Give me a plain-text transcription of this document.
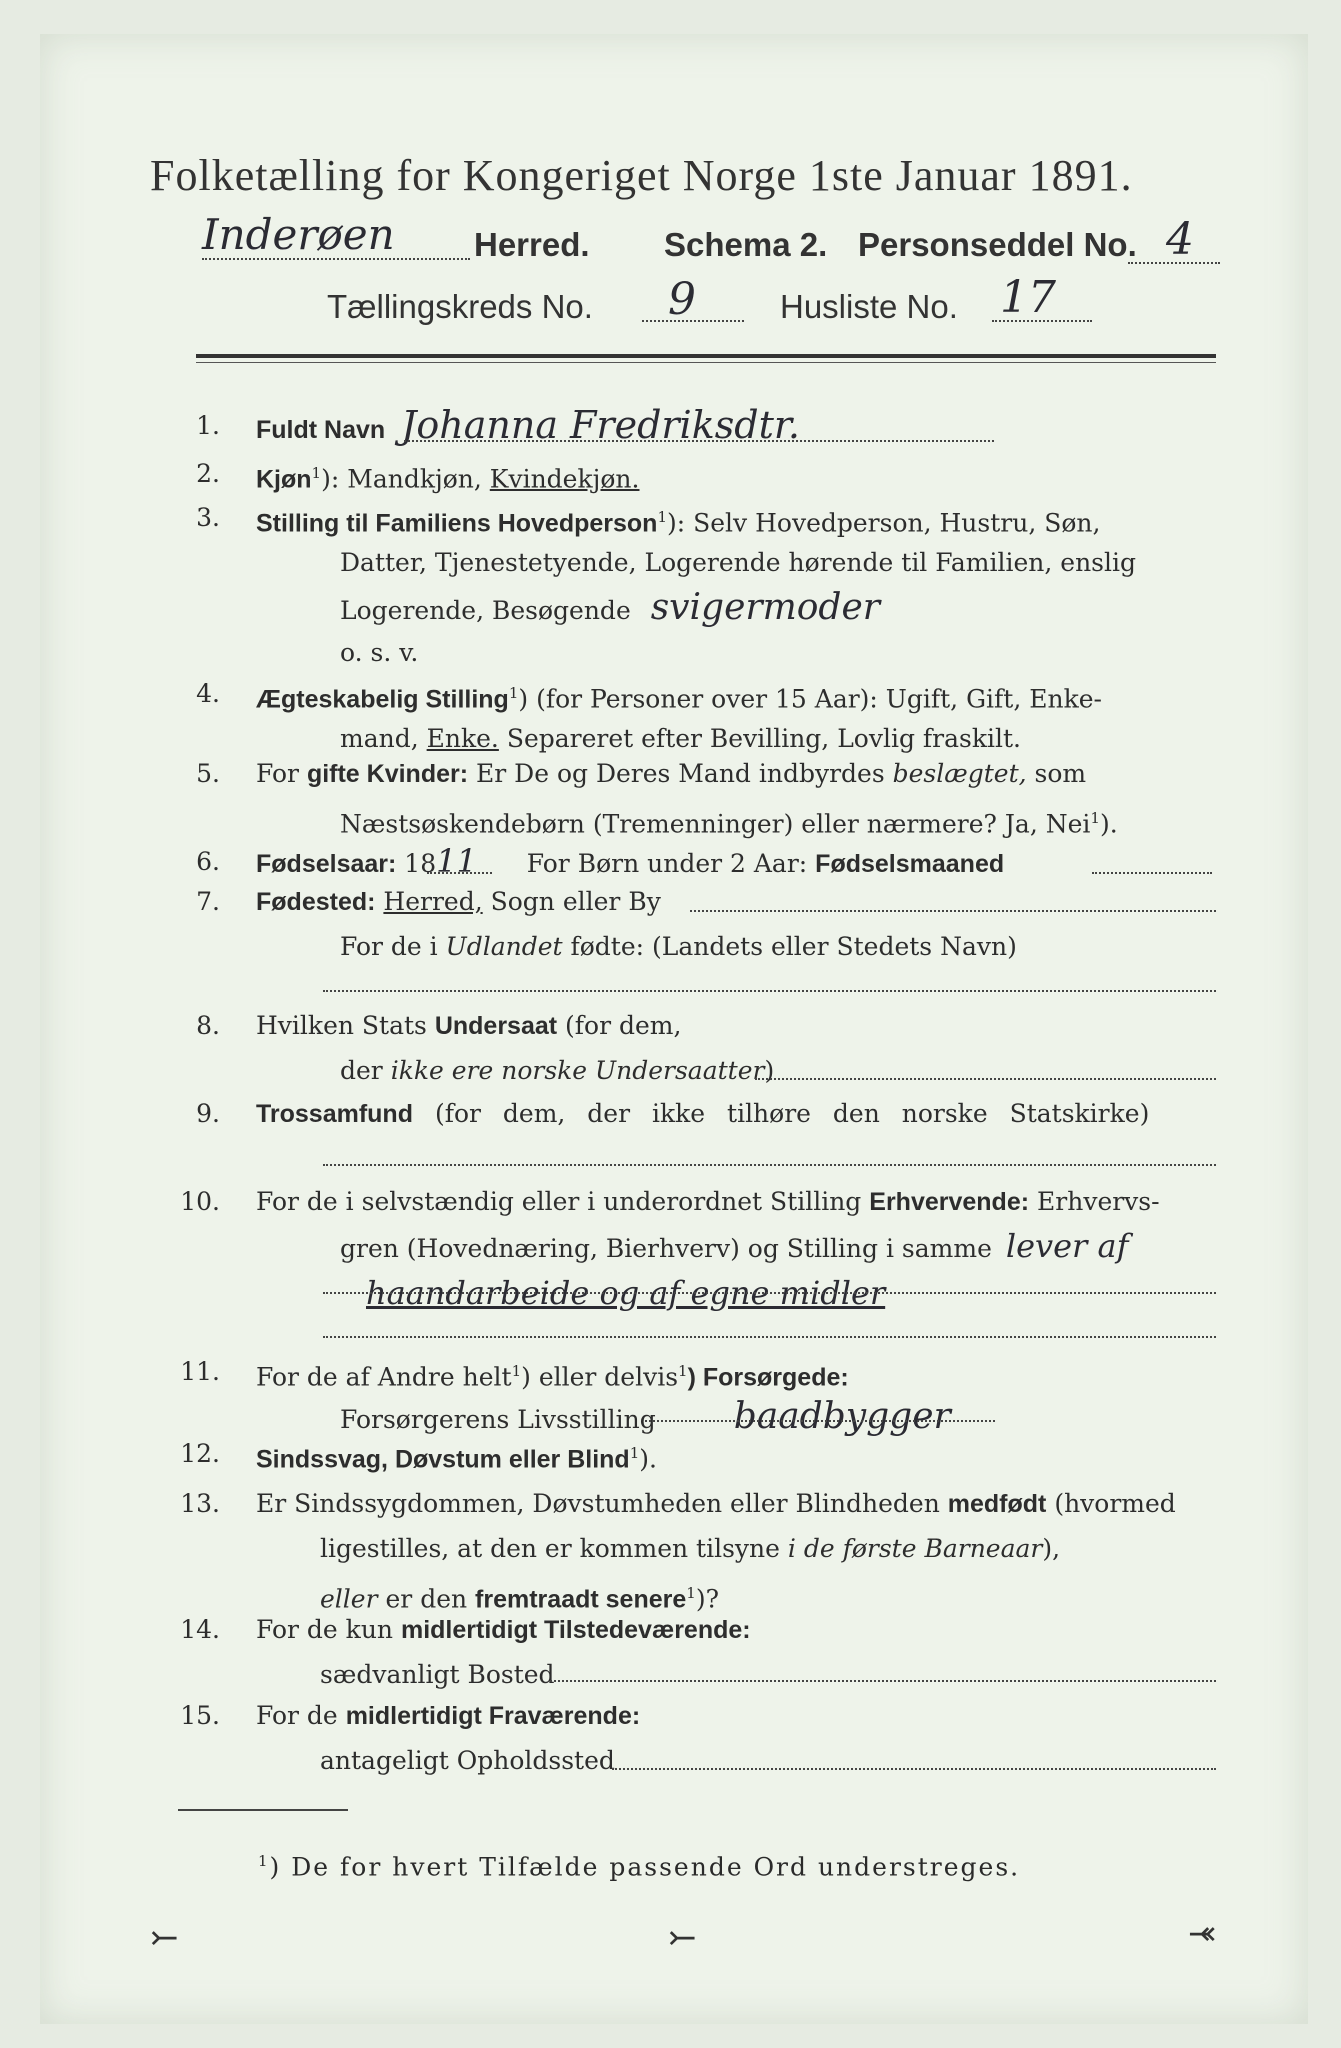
Folketælling for Kongeriget Norge 1ste Januar 1891.
Inderøen Herred. Schema 2. Personseddel No. 4
Tællingskreds No. 9	Husliste No. 17
1. Fuldt Navn Johanna Fredriksdtr.
2. Kjøn$^1$): Mandkjøn, Kvindekjøn.
3. Stilling til Familiens Hovedperson$^1$): Selv Hovedperson, Hustru, Søn,
Datter, Tjenestetyende, Logerende hørende til Familien, enslig
Logerende, Besøgende svigermoder
o. s. v.
4. Ægteskabelig Stilling$^1$) (for Personer over 15 Aar): Ugift, Gift, Enke-
mand, Enke. Separeret efter Bevilling, Lovlig fraskilt.
5. For gifte Kvinder: Er De og Deres Mand indbyrdes beslægtet, som
Næstsøskendebørn (Tremenninger) eller nærmere? Ja, Nei$^1$).
6. Fødselsaar: 1811 For Børn under 2 Aar: Fødselsmaaned
7. Fødested: Herred, Sogn eller By
For de i Udlandet fødte: (Landets eller Stedets Navn)
8. Hvilken Stats Undersaat (for dem,
der ikke ere norske Undersaatter)
9. Trossamfund (for dem, der ikke tilhøre den norske Statskirke)
10. For de i selvstændig eller i underordnet Stilling Erhvervende: Erhvervs-
gren (Hovednæring, Bierhverv) og Stilling i samme lever af
haandarbeide og af egne midler
11. For de af Andre helt$^1$) eller delvis$^1$) Forsørgede:
Forsørgerens Livsstilling baadbygger
12. Sindssvag, Døvstum eller Blind$^1$).
13. Er Sindssygdommen, Døvstumheden eller Blindheden medfødt (hvormed
ligestilles, at den er kommen tilsyne i de første Barneaar),
eller er den fremtraadt senere$^1$)?
14. For de kun midlertidigt Tilstedeværende:
sædvanligt Bosted
15. For de midlertidigt Fraværende:
antageligt Opholdssted
$^1$) De for hvert Tilfælde passende Ord understreges.
⤚	⤚	⤛
